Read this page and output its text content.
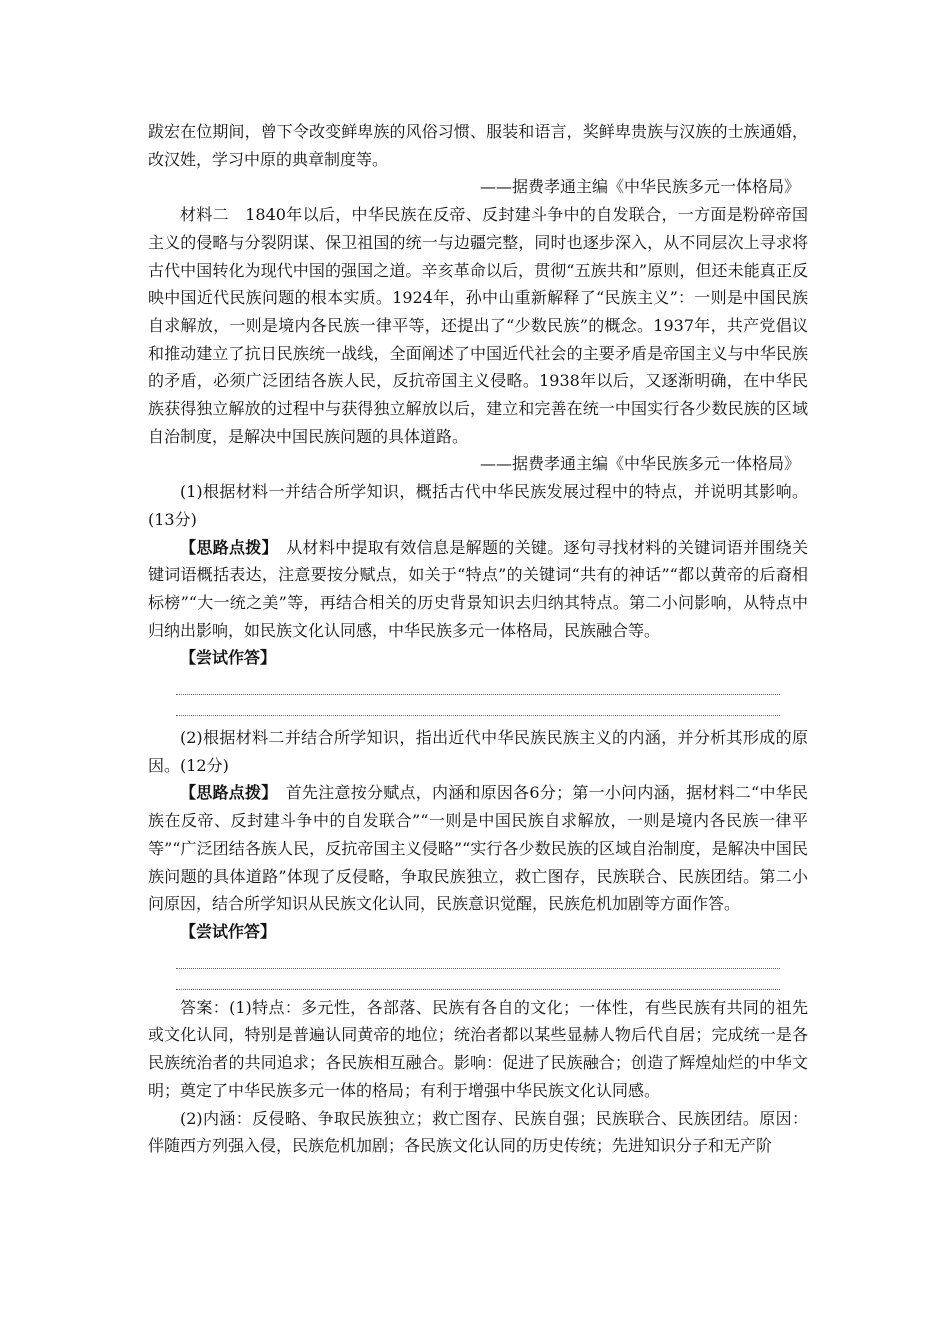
跋宏在位期间，曾下令改变鲜卑族的风俗习惯、服装和语言，奖鲜卑贵族与汉族的士族通婚，改汉姓，学习中原的典章制度等。

——据费孝通主编《中华民族多元一体格局》

材料二　1840年以后，中华民族在反帝、反封建斗争中的自发联合，一方面是粉碎帝国主义的侵略与分裂阴谋、保卫祖国的统一与边疆完整，同时也逐步深入，从不同层次上寻求将古代中国转化为现代中国的强国之道。辛亥革命以后，贯彻“五族共和”原则，但还未能真正反映中国近代民族问题的根本实质。1924年，孙中山重新解释了“民族主义”：一则是中国民族自求解放，一则是境内各民族一律平等，还提出了“少数民族”的概念。1937年，共产党倡议和推动建立了抗日民族统一战线，全面阐述了中国近代社会的主要矛盾是帝国主义与中华民族的矛盾，必须广泛团结各族人民，反抗帝国主义侵略。1938年以后，又逐渐明确，在中华民族获得独立解放的过程中与获得独立解放以后，建立和完善在统一中国实行各少数民族的区域自治制度，是解决中国民族问题的具体道路。

——据费孝通主编《中华民族多元一体格局》

(1)根据材料一并结合所学知识，概括古代中华民族发展过程中的特点，并说明其影响。(13分)

【思路点拨】　从材料中提取有效信息是解题的关键。逐句寻找材料的关键词语并围绕关键词语概括表达，注意要按分赋点，如关于“特点”的关键词“共有的神话”“都以黄帝的后裔相标榜”“大一统之美”等，再结合相关的历史背景知识去归纳其特点。第二小问影响，从特点中归纳出影响，如民族文化认同感，中华民族多元一体格局，民族融合等。

【尝试作答】

(2)根据材料二并结合所学知识，指出近代中华民族民族主义的内涵，并分析其形成的原因。(12分)

【思路点拨】　首先注意按分赋点，内涵和原因各6分；第一小问内涵，据材料二“中华民族在反帝、反封建斗争中的自发联合”“一则是中国民族自求解放，一则是境内各民族一律平等”“广泛团结各族人民，反抗帝国主义侵略”“实行各少数民族的区域自治制度，是解决中国民族问题的具体道路”体现了反侵略，争取民族独立，救亡图存，民族联合、民族团结。第二小问原因，结合所学知识从民族文化认同，民族意识觉醒，民族危机加剧等方面作答。

【尝试作答】

答案：(1)特点：多元性，各部落、民族有各自的文化；一体性，有些民族有共同的祖先或文化认同，特别是普遍认同黄帝的地位；统治者都以某些显赫人物后代自居；完成统一是各民族统治者的共同追求；各民族相互融合。影响：促进了民族融合；创造了辉煌灿烂的中华文明；奠定了中华民族多元一体的格局；有利于增强中华民族文化认同感。

(2)内涵：反侵略、争取民族独立；救亡图存、民族自强；民族联合、民族团结。原因：伴随西方列强入侵，民族危机加剧；各民族文化认同的历史传统；先进知识分子和无产阶
